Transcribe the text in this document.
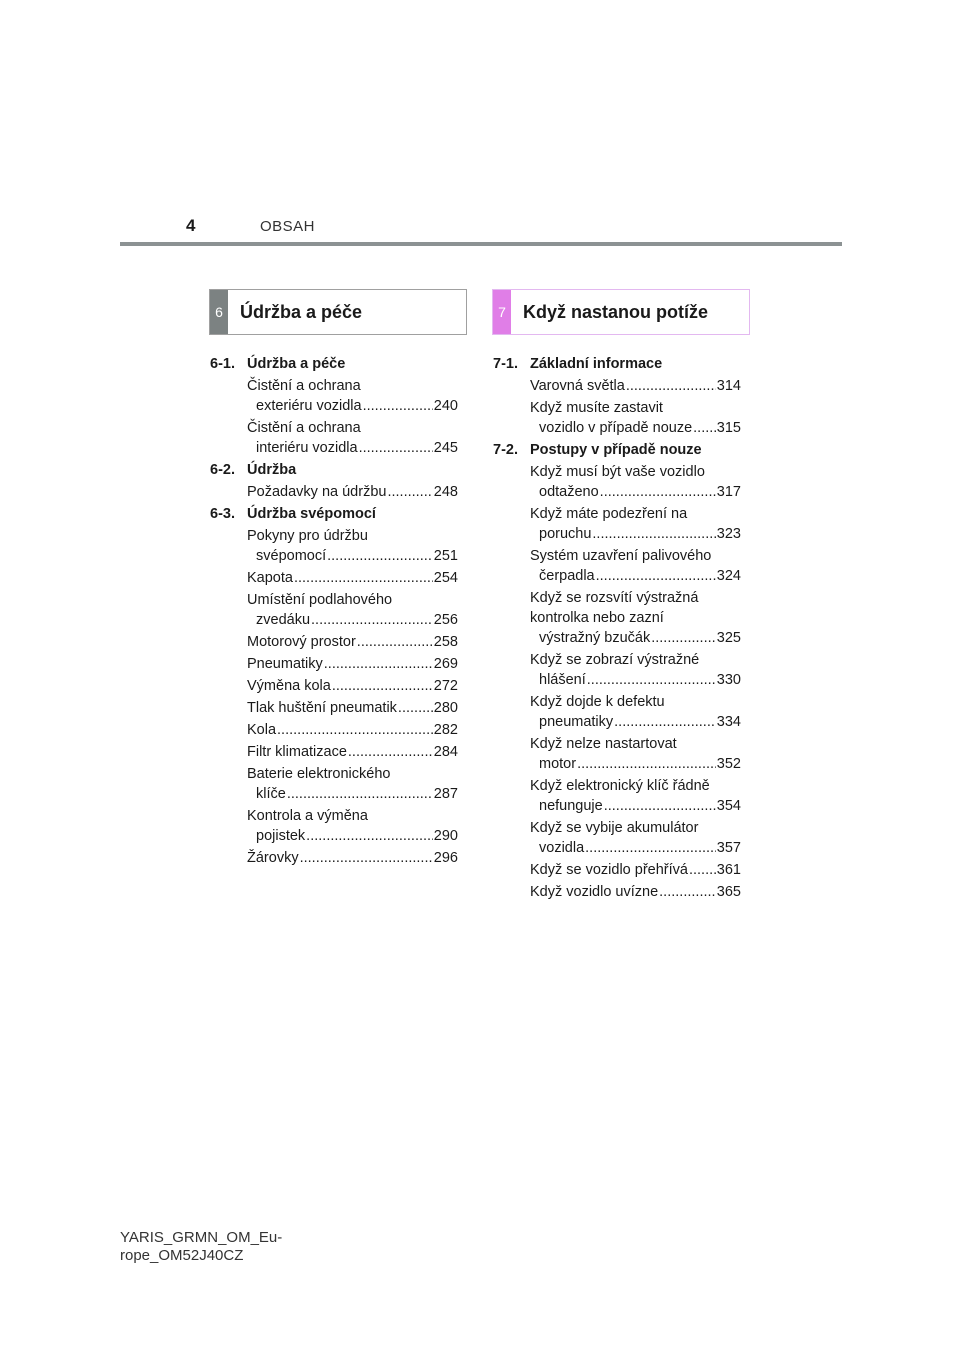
4	OBSAH
6 Údržba a péče	7 Když nastanou potíže
6-1. Údržba a péče
Čistění a ochrana
exteriéru vozidla .....	240
Čistění a ochrana
interiéru vozidla .....	245
6-2. Údržba
Požadavky na údržbu .....	248
6-3. Údržba svépomocí
Pokyny pro údržbu
svépomocí .....	251
Kapota .....	254
Umístění podlahového
zvedáku .....	256
Motorový prostor .....	258
Pneumatiky .....	269
Výměna kola .....	272
Tlak huštění pneumatik .....	280
Kola .....	282
Filtr klimatizace .....	284
Baterie elektronického
klíče .....	287
Kontrola a výměna
pojistek .....	290
Žárovky .....	296
7-1. Základní informace
Varovná světla .....	314
Když musíte zastavit
vozidlo v případě nouze ..... 315
7-2. Postupy v případě nouze
Když musí být vaše vozidlo
odtaženo .....	317
Když máte podezření na
poruchu .....	323
Systém uzavření palivového
čerpadla .....	324
Když se rozsvítí výstražná
kontrolka nebo zazní
výstražný bzučák .....	325
Když se zobrazí výstražné
hlášení .....	330
Když dojde k defektu
pneumatiky .....	334
Když nelze nastartovat
motor .....	352
Když elektronický klíč řádně
nefunguje .....	354
Když se vybije akumulátor
vozidla .....	357
Když se vozidlo přehřívá ..... 361
Když vozidlo uvízne .....	365
YARIS_GRMN_OM_Eu-
rope_OM52J40CZ
